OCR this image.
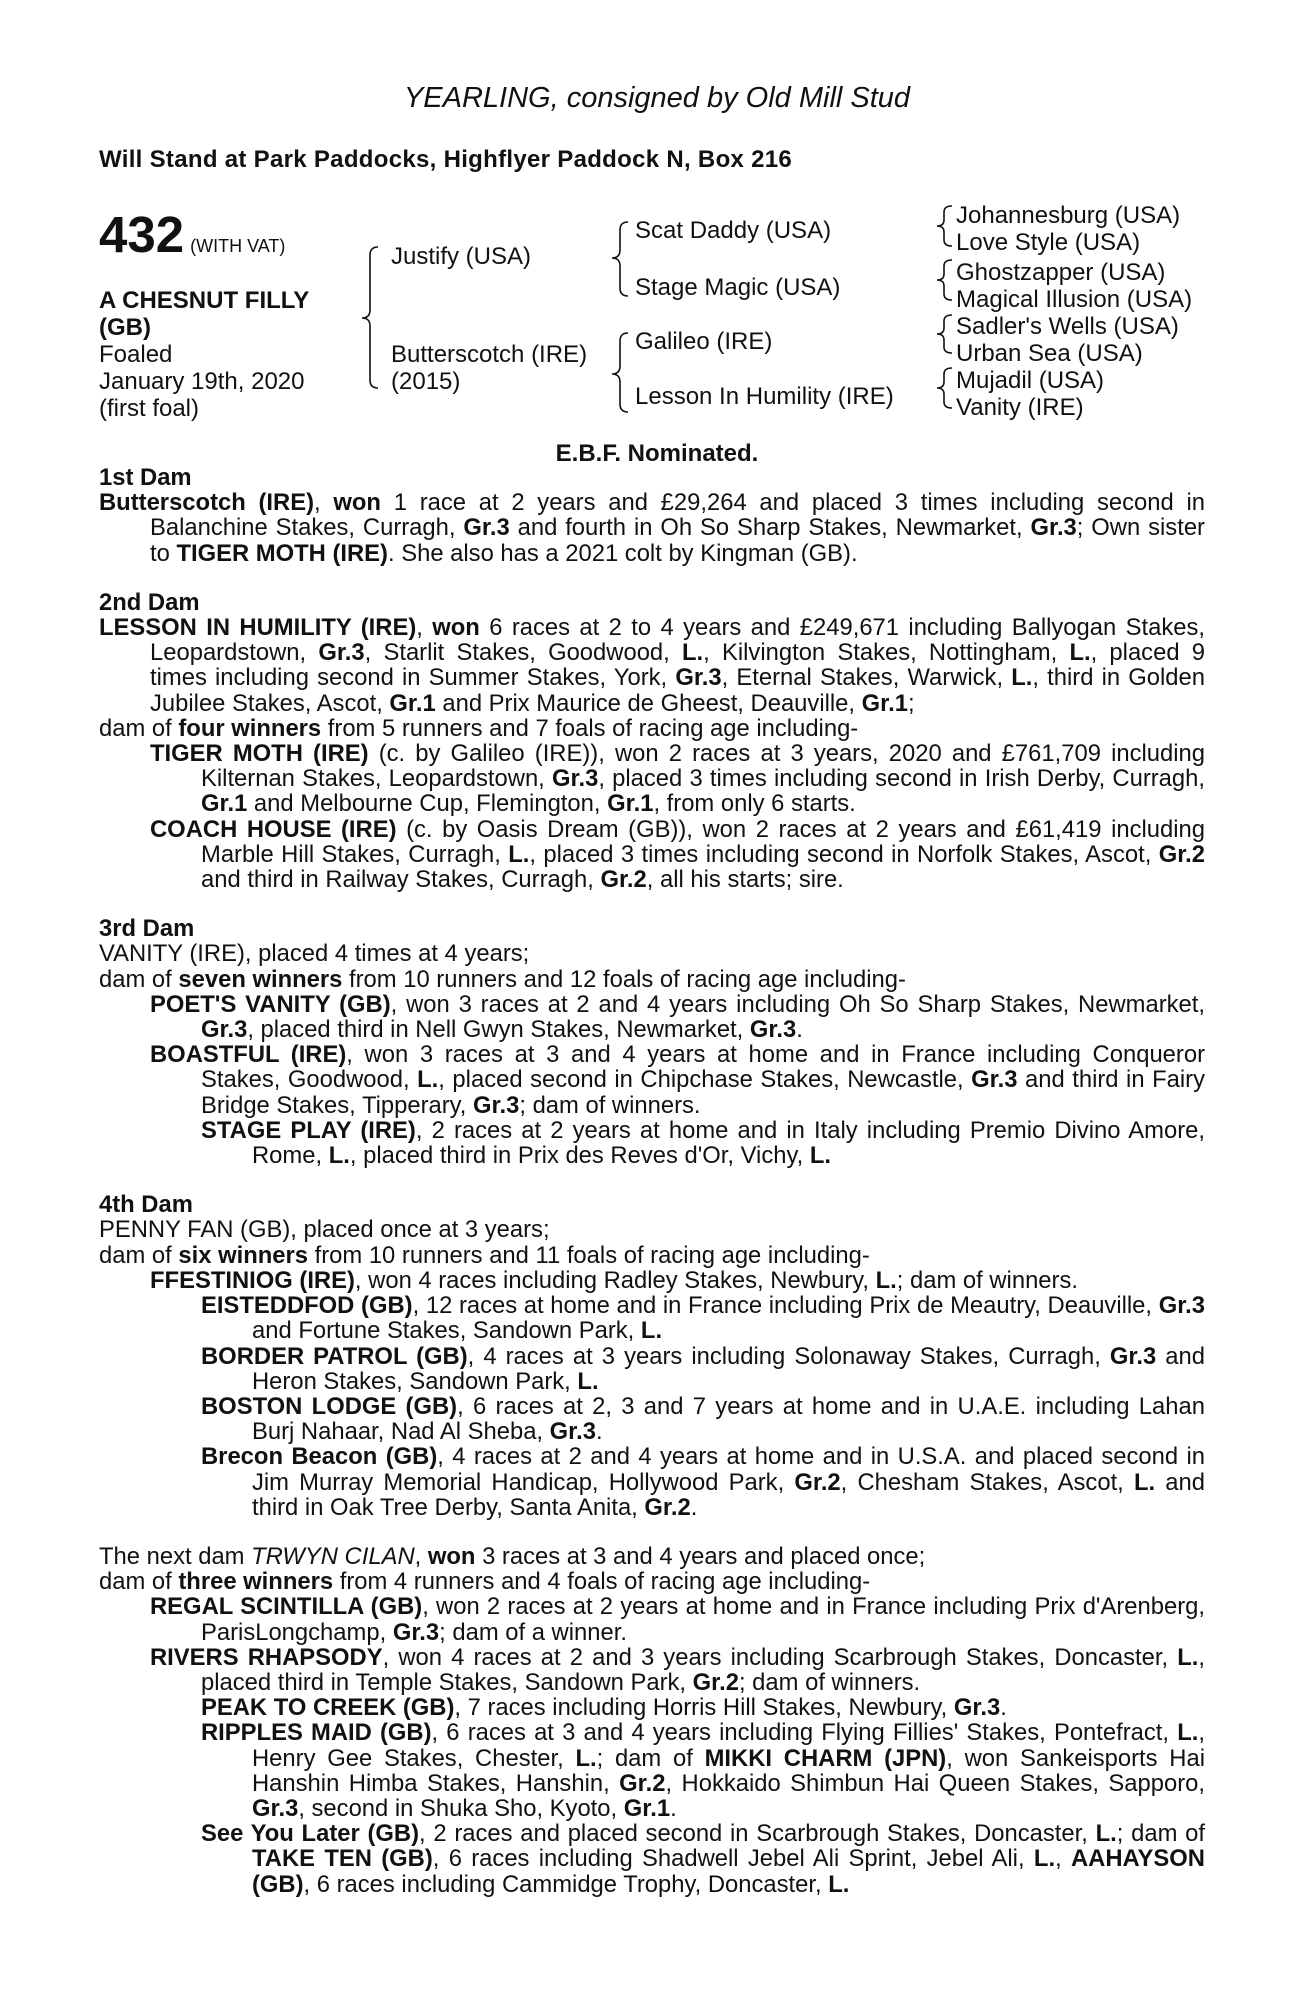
YEARLING, consigned by Old Mill Stud
Will Stand at Park Paddocks, Highflyer Paddock N, Box 216
432 (WITH VAT)
A CHESNUT FILLY
(GB)
Foaled
January 19th, 2020
(first foal)
Justify (USA)
Butterscotch (IRE)
(2015)
Scat Daddy (USA)
Stage Magic (USA)
Galileo (IRE)
Lesson In Humility (IRE)
Johannesburg (USA)
Love Style (USA)
Ghostzapper (USA)
Magical Illusion (USA)
Sadler's Wells (USA)
Urban Sea (USA)
Mujadil (USA)
Vanity (IRE)
E.B.F. Nominated.
1st Dam

Butterscotch (IRE), won 1 race at 2 years and £29,264 and placed 3 times including second in Balanchine Stakes, Curragh, Gr.3 and fourth in Oh So Sharp Stakes, Newmarket, Gr.3; Own sister to TIGER MOTH (IRE). She also has a 2021 colt by Kingman (GB).

2nd Dam

LESSON IN HUMILITY (IRE), won 6 races at 2 to 4 years and £249,671 including Ballyogan Stakes, Leopardstown, Gr.3, Starlit Stakes, Goodwood, L., Kilvington Stakes, Nottingham, L., placed 9 times including second in Summer Stakes, York, Gr.3, Eternal Stakes, Warwick, L., third in Golden Jubilee Stakes, Ascot, Gr.1 and Prix Maurice de Gheest, Deauville, Gr.1;

dam of four winners from 5 runners and 7 foals of racing age including-

TIGER MOTH (IRE) (c. by Galileo (IRE)), won 2 races at 3 years, 2020 and £761,709 including Kilternan Stakes, Leopardstown, Gr.3, placed 3 times including second in Irish Derby, Curragh, Gr.1 and Melbourne Cup, Flemington, Gr.1, from only 6 starts.

COACH HOUSE (IRE) (c. by Oasis Dream (GB)), won 2 races at 2 years and £61,419 including Marble Hill Stakes, Curragh, L., placed 3 times including second in Norfolk Stakes, Ascot, Gr.2 and third in Railway Stakes, Curragh, Gr.2, all his starts; sire.

3rd Dam

VANITY (IRE), placed 4 times at 4 years;

dam of seven winners from 10 runners and 12 foals of racing age including-

POET'S VANITY (GB), won 3 races at 2 and 4 years including Oh So Sharp Stakes, Newmarket, Gr.3, placed third in Nell Gwyn Stakes, Newmarket, Gr.3.

BOASTFUL (IRE), won 3 races at 3 and 4 years at home and in France including Conqueror Stakes, Goodwood, L., placed second in Chipchase Stakes, Newcastle, Gr.3 and third in Fairy Bridge Stakes, Tipperary, Gr.3; dam of winners.

STAGE PLAY (IRE), 2 races at 2 years at home and in Italy including Premio Divino Amore, Rome, L., placed third in Prix des Reves d'Or, Vichy, L.

4th Dam

PENNY FAN (GB), placed once at 3 years;

dam of six winners from 10 runners and 11 foals of racing age including-

FFESTINIOG (IRE), won 4 races including Radley Stakes, Newbury, L.; dam of winners.

EISTEDDFOD (GB), 12 races at home and in France including Prix de Meautry, Deauville, Gr.3 and Fortune Stakes, Sandown Park, L.

BORDER PATROL (GB), 4 races at 3 years including Solonaway Stakes, Curragh, Gr.3 and Heron Stakes, Sandown Park, L.

BOSTON LODGE (GB), 6 races at 2, 3 and 7 years at home and in U.A.E. including Lahan Burj Nahaar, Nad Al Sheba, Gr.3.

Brecon Beacon (GB), 4 races at 2 and 4 years at home and in U.S.A. and placed second in Jim Murray Memorial Handicap, Hollywood Park, Gr.2, Chesham Stakes, Ascot, L. and third in Oak Tree Derby, Santa Anita, Gr.2.

The next dam TRWYN CILAN, won 3 races at 3 and 4 years and placed once;

dam of three winners from 4 runners and 4 foals of racing age including-

REGAL SCINTILLA (GB), won 2 races at 2 years at home and in France including Prix d'Arenberg, ParisLongchamp, Gr.3; dam of a winner.

RIVERS RHAPSODY, won 4 races at 2 and 3 years including Scarbrough Stakes, Doncaster, L., placed third in Temple Stakes, Sandown Park, Gr.2; dam of winners.

PEAK TO CREEK (GB), 7 races including Horris Hill Stakes, Newbury, Gr.3.

RIPPLES MAID (GB), 6 races at 3 and 4 years including Flying Fillies' Stakes, Pontefract, L., Henry Gee Stakes, Chester, L.; dam of MIKKI CHARM (JPN), won Sankeisports Hai Hanshin Himba Stakes, Hanshin, Gr.2, Hokkaido Shimbun Hai Queen Stakes, Sapporo, Gr.3, second in Shuka Sho, Kyoto, Gr.1.

See You Later (GB), 2 races and placed second in Scarbrough Stakes, Doncaster, L.; dam of TAKE TEN (GB), 6 races including Shadwell Jebel Ali Sprint, Jebel Ali, L., AAHAYSON (GB), 6 races including Cammidge Trophy, Doncaster, L.
